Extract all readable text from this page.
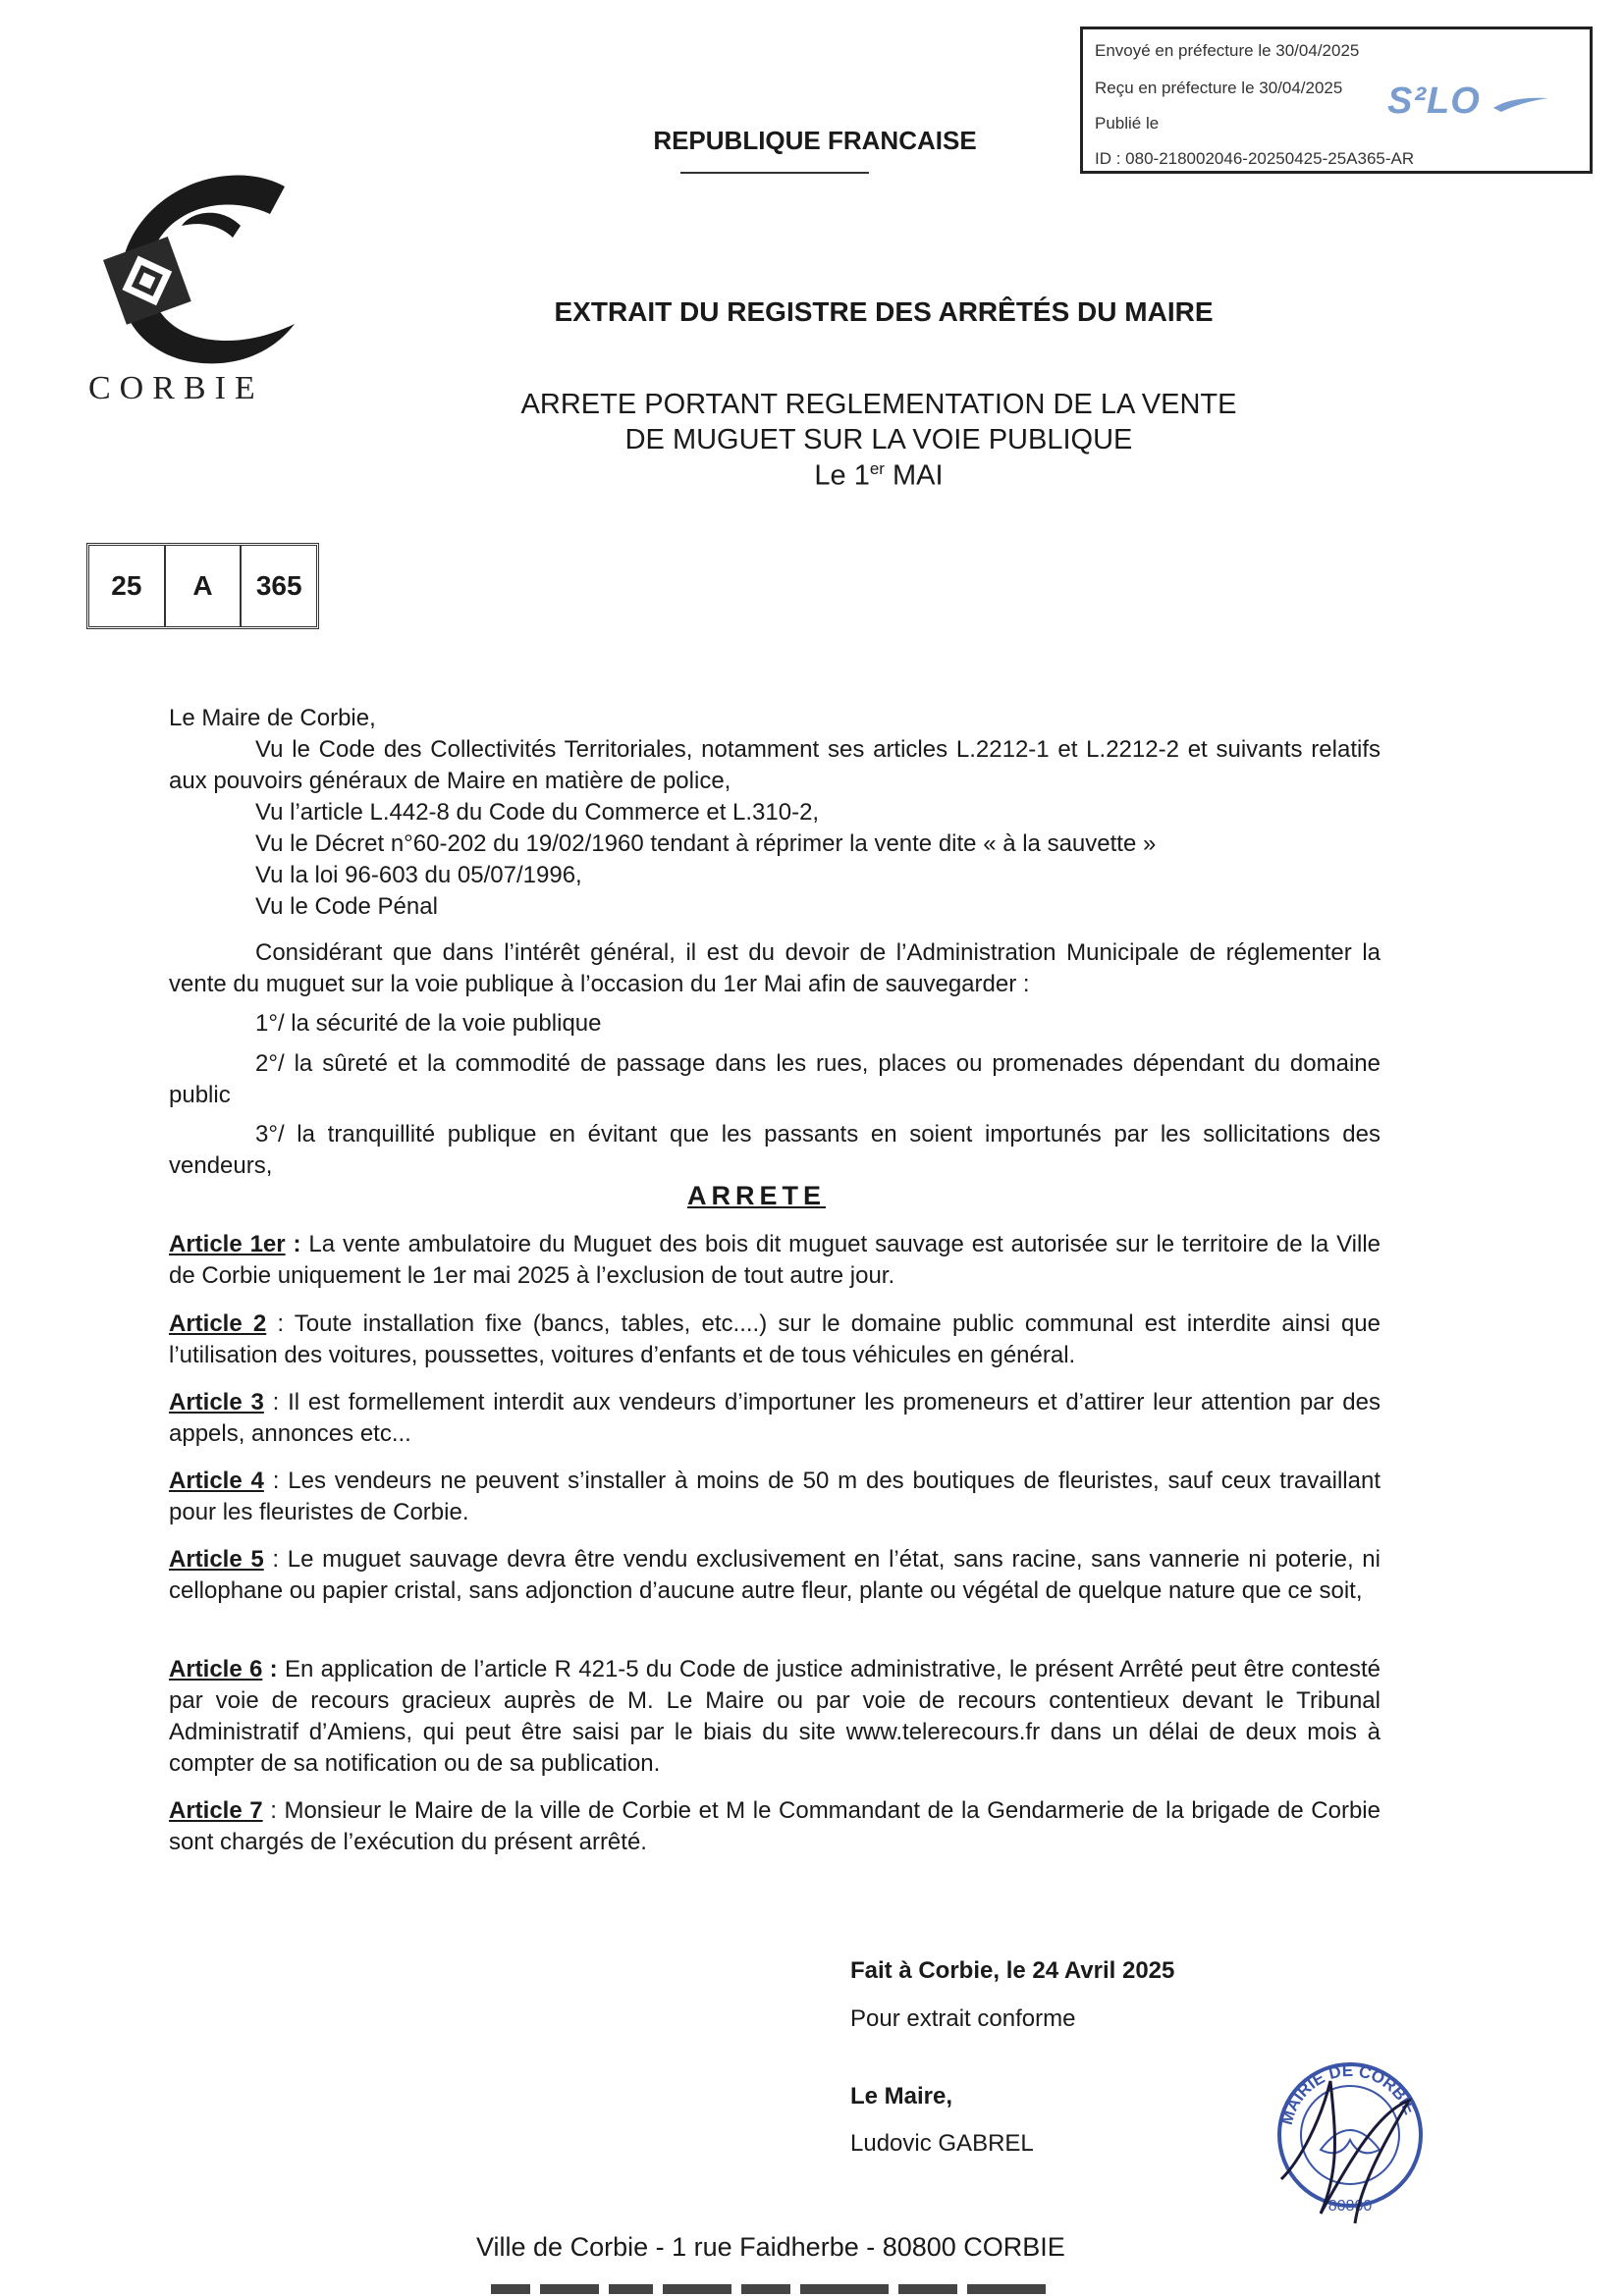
Envoyé en préfecture le 30/04/2025
Reçu en préfecture le 30/04/2025
Publié le
ID : 080-218002046-20250425-25A365-AR
S²LO
CORBIE
REPUBLIQUE FRANCAISE
EXTRAIT DU REGISTRE DES ARRÊTÉS DU MAIRE
ARRETE PORTANT REGLEMENTATION DE LA VENTE
DE MUGUET SUR LA VOIE PUBLIQUE
Le 1er MAI
25	A	365
Le Maire de Corbie,
Vu le Code des Collectivités Territoriales, notamment ses articles L.2212-1 et L.2212-2 et suivants relatifs aux pouvoirs généraux de Maire en matière de police,
Vu l’article L.442-8 du Code du Commerce et L.310-2,
Vu le Décret n°60-202 du 19/02/1960 tendant à réprimer la vente dite « à la sauvette »
Vu la loi 96-603 du 05/07/1996,
Vu le Code Pénal
Considérant que dans l’intérêt général, il est du devoir de l’Administration Municipale de réglementer la vente du muguet sur la voie publique à l’occasion du 1er Mai afin de sauvegarder :
1°/ la sécurité de la voie publique
2°/ la sûreté et la commodité de passage dans les rues, places ou promenades dépendant du domaine public
3°/ la tranquillité publique en évitant que les passants en soient importunés par les sollicitations des vendeurs,
ARRETE
Article 1er : La vente ambulatoire du Muguet des bois dit muguet sauvage est autorisée sur le territoire de la Ville de Corbie uniquement le 1er mai 2025 à l’exclusion de tout autre jour.
Article 2 : Toute installation fixe (bancs, tables, etc....) sur le domaine public communal est interdite ainsi que l’utilisation des voitures, poussettes, voitures d’enfants et de tous véhicules en général.
Article 3 : Il est formellement interdit aux vendeurs d’importuner les promeneurs et d’attirer leur attention par des appels, annonces etc...
Article 4 : Les vendeurs ne peuvent s’installer à moins de 50 m des boutiques de fleuristes, sauf ceux travaillant pour les fleuristes de Corbie.
Article 5 : Le muguet sauvage devra être vendu exclusivement en l’état, sans racine, sans vannerie ni poterie, ni cellophane ou papier cristal, sans adjonction d’aucune autre fleur, plante ou végétal de quelque nature que ce soit,
Article 6 : En application de l’article R 421-5 du Code de justice administrative, le présent Arrêté peut être contesté par voie de recours gracieux auprès de M. Le Maire ou par voie de recours contentieux devant le Tribunal Administratif d’Amiens, qui peut être saisi par le biais du site www.telerecours.fr dans un délai de deux mois à compter de sa notification ou de sa publication.
Article 7 : Monsieur le Maire de la ville de Corbie et M le Commandant de la Gendarmerie de la brigade de Corbie sont chargés de l’exécution du présent arrêté.
Fait à Corbie, le 24 Avril 2025
Pour extrait conforme
Le Maire,
Ludovic GABREL
MAIRIE DE CORBIE
80800
Ville de Corbie - 1 rue Faidherbe - 80800 CORBIE
